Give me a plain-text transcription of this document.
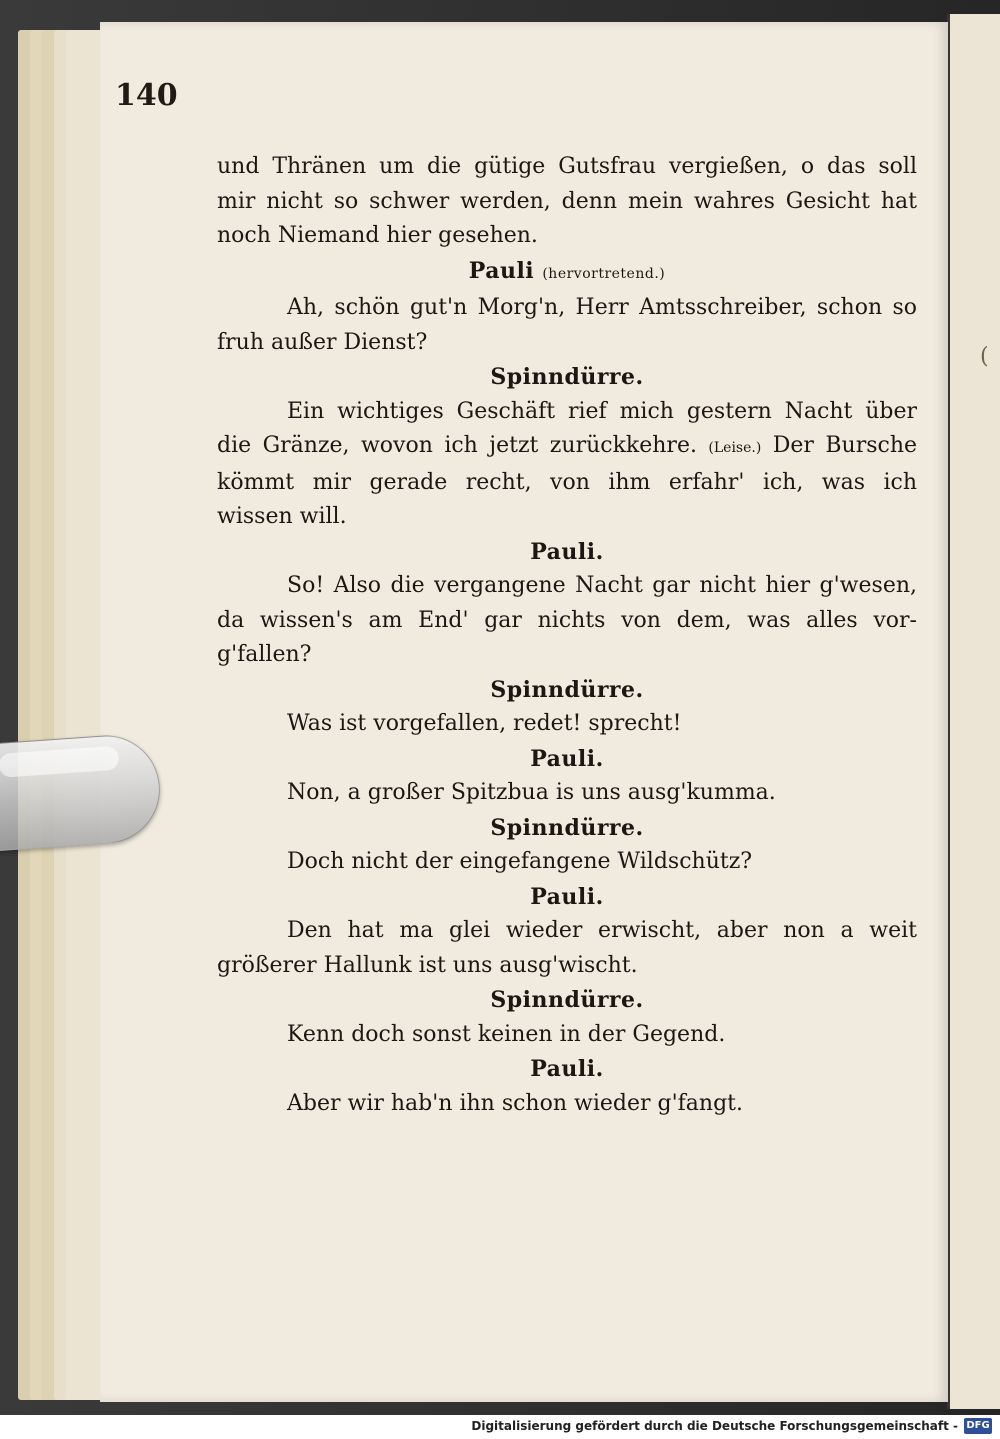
(
140
und Thränen um die gütige Gutsfrau vergießen, o das soll
mir nicht so schwer werden, denn mein wahres Gesicht hat
noch Niemand hier gesehen.
Pauli (hervortretend.)
Ah, schön gut'n Morg'n, Herr Amtsschreiber, schon so
fruh außer Dienst?
Spinndürre.
Ein wichtiges Geschäft rief mich gestern Nacht über
die Gränze, wovon ich jetzt zurückkehre. (Leise.) Der Bursche
kömmt mir gerade recht, von ihm erfahr' ich, was ich
wissen will.
Pauli.
So! Also die vergangene Nacht gar nicht hier g'wesen,
da wissen's am End' gar nichts von dem, was alles vor-
g'fallen?
Spinndürre.
Was ist vorgefallen, redet! sprecht!
Pauli.
Non, a großer Spitzbua is uns ausg'kumma.
Spinndürre.
Doch nicht der eingefangene Wildschütz?
Pauli.
Den hat ma glei wieder erwischt, aber non a weit
größerer Hallunk ist uns ausg'wischt.
Spinndürre.
Kenn doch sonst keinen in der Gegend.
Pauli.
Aber wir hab'n ihn schon wieder g'fangt.
Digitalisierung gefördert durch die Deutsche Forschungsgemeinschaft - DFG
